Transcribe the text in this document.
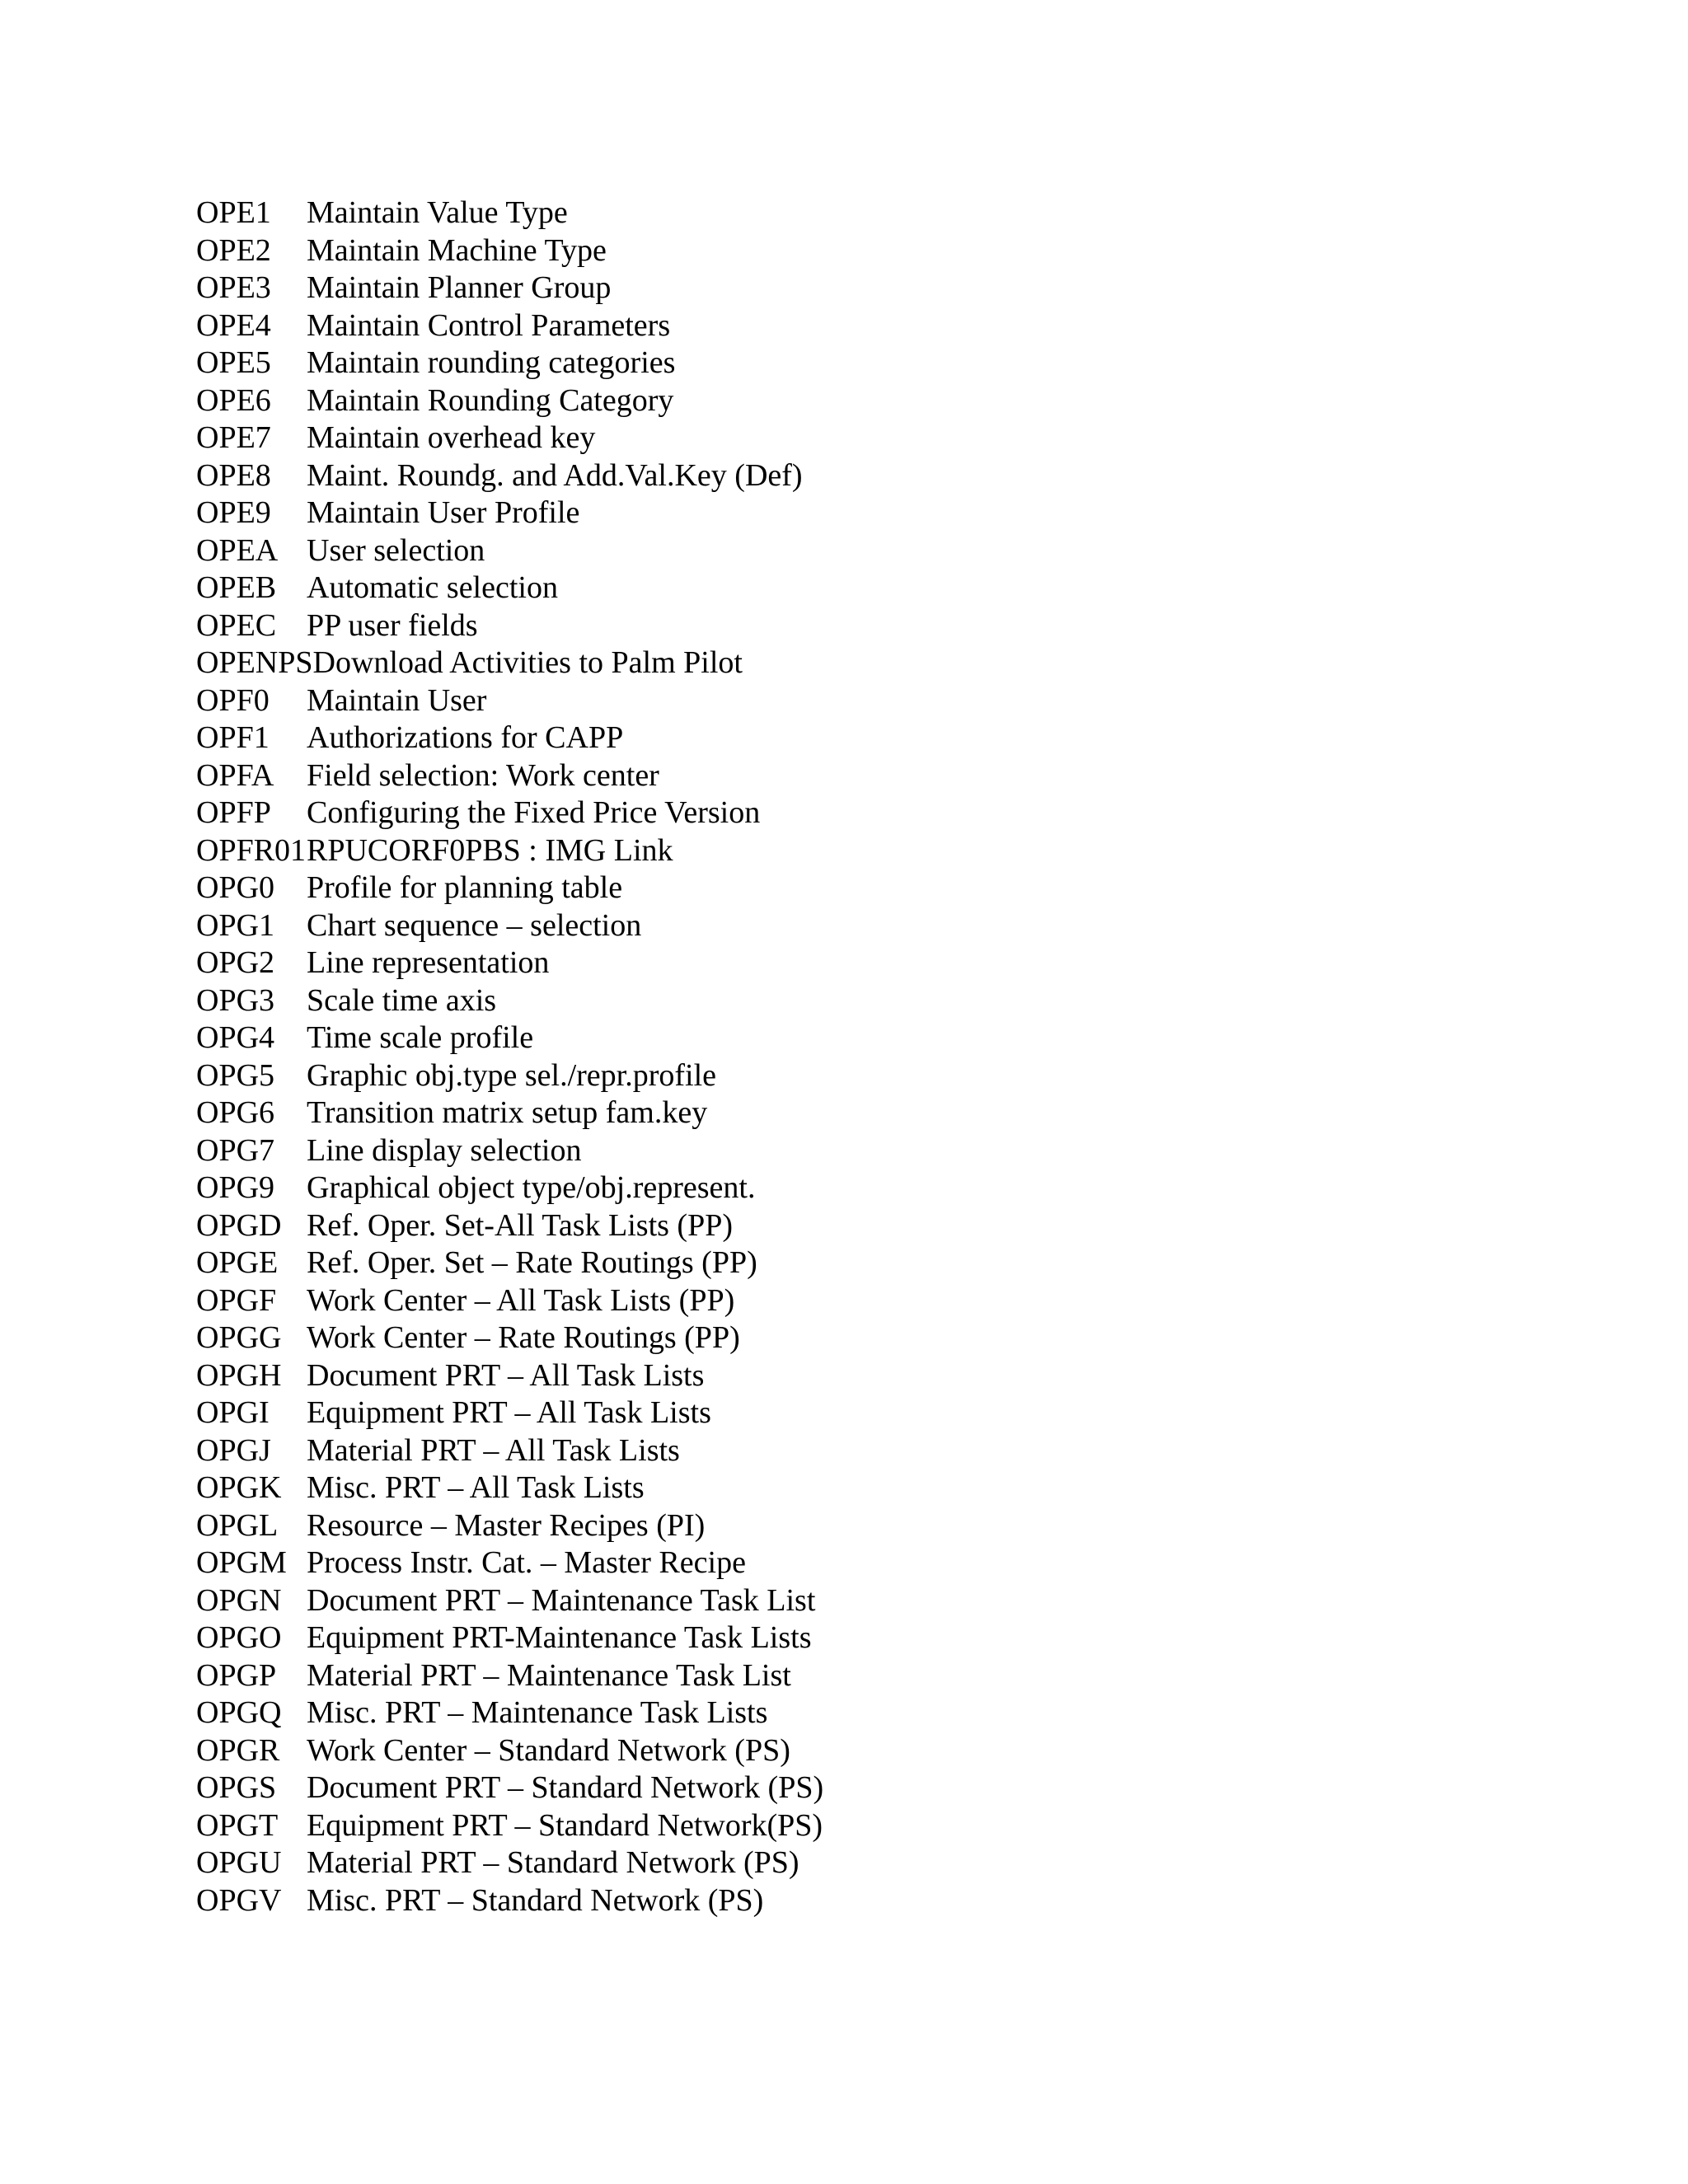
OPE1	Maintain Value Type
OPE2	Maintain Machine Type
OPE3	Maintain Planner Group
OPE4	Maintain Control Parameters
OPE5	Maintain rounding categories
OPE6	Maintain Rounding Category
OPE7	Maintain overhead key
OPE8	Maint. Roundg. and Add.Val.Key (Def)
OPE9	Maintain User Profile
OPEA User selection
OPEB Automatic selection
OPEC PP user fields
OPENPS Download Activities to Palm Pilot
OPF0	Maintain User
OPF1	Authorizations for CAPP
OPFA	Field selection: Work center
OPFP	Configuring the Fixed Price Version
OPFR01 RPUCORF0PBS : IMG Link
OPG0	Profile for planning table
OPG1	Chart sequence – selection
OPG2	Line representation
OPG3	Scale time axis
OPG4	Time scale profile
OPG5	Graphic obj.type sel./repr.profile
OPG6	Transition matrix setup fam.key
OPG7	Line display selection
OPG9	Graphical object type/obj.represent.
OPGD Ref. Oper. Set-All Task Lists (PP)
OPGE Ref. Oper. Set – Rate Routings (PP)
OPGF Work Center – All Task Lists (PP)
OPGG Work Center – Rate Routings (PP)
OPGH Document PRT – All Task Lists
OPGI	Equipment PRT – All Task Lists
OPGJ	Material PRT – All Task Lists
OPGK Misc. PRT – All Task Lists
OPGL Resource – Master Recipes (PI)
OPGM Process Instr. Cat. – Master Recipe
OPGN Document PRT – Maintenance Task List
OPGO Equipment PRT-Maintenance Task Lists
OPGP Material PRT – Maintenance Task List
OPGQ Misc. PRT – Maintenance Task Lists
OPGR Work Center – Standard Network (PS)
OPGS Document PRT – Standard Network (PS)
OPGT Equipment PRT – Standard Network(PS)
OPGU Material PRT – Standard Network (PS)
OPGV Misc. PRT – Standard Network (PS)
